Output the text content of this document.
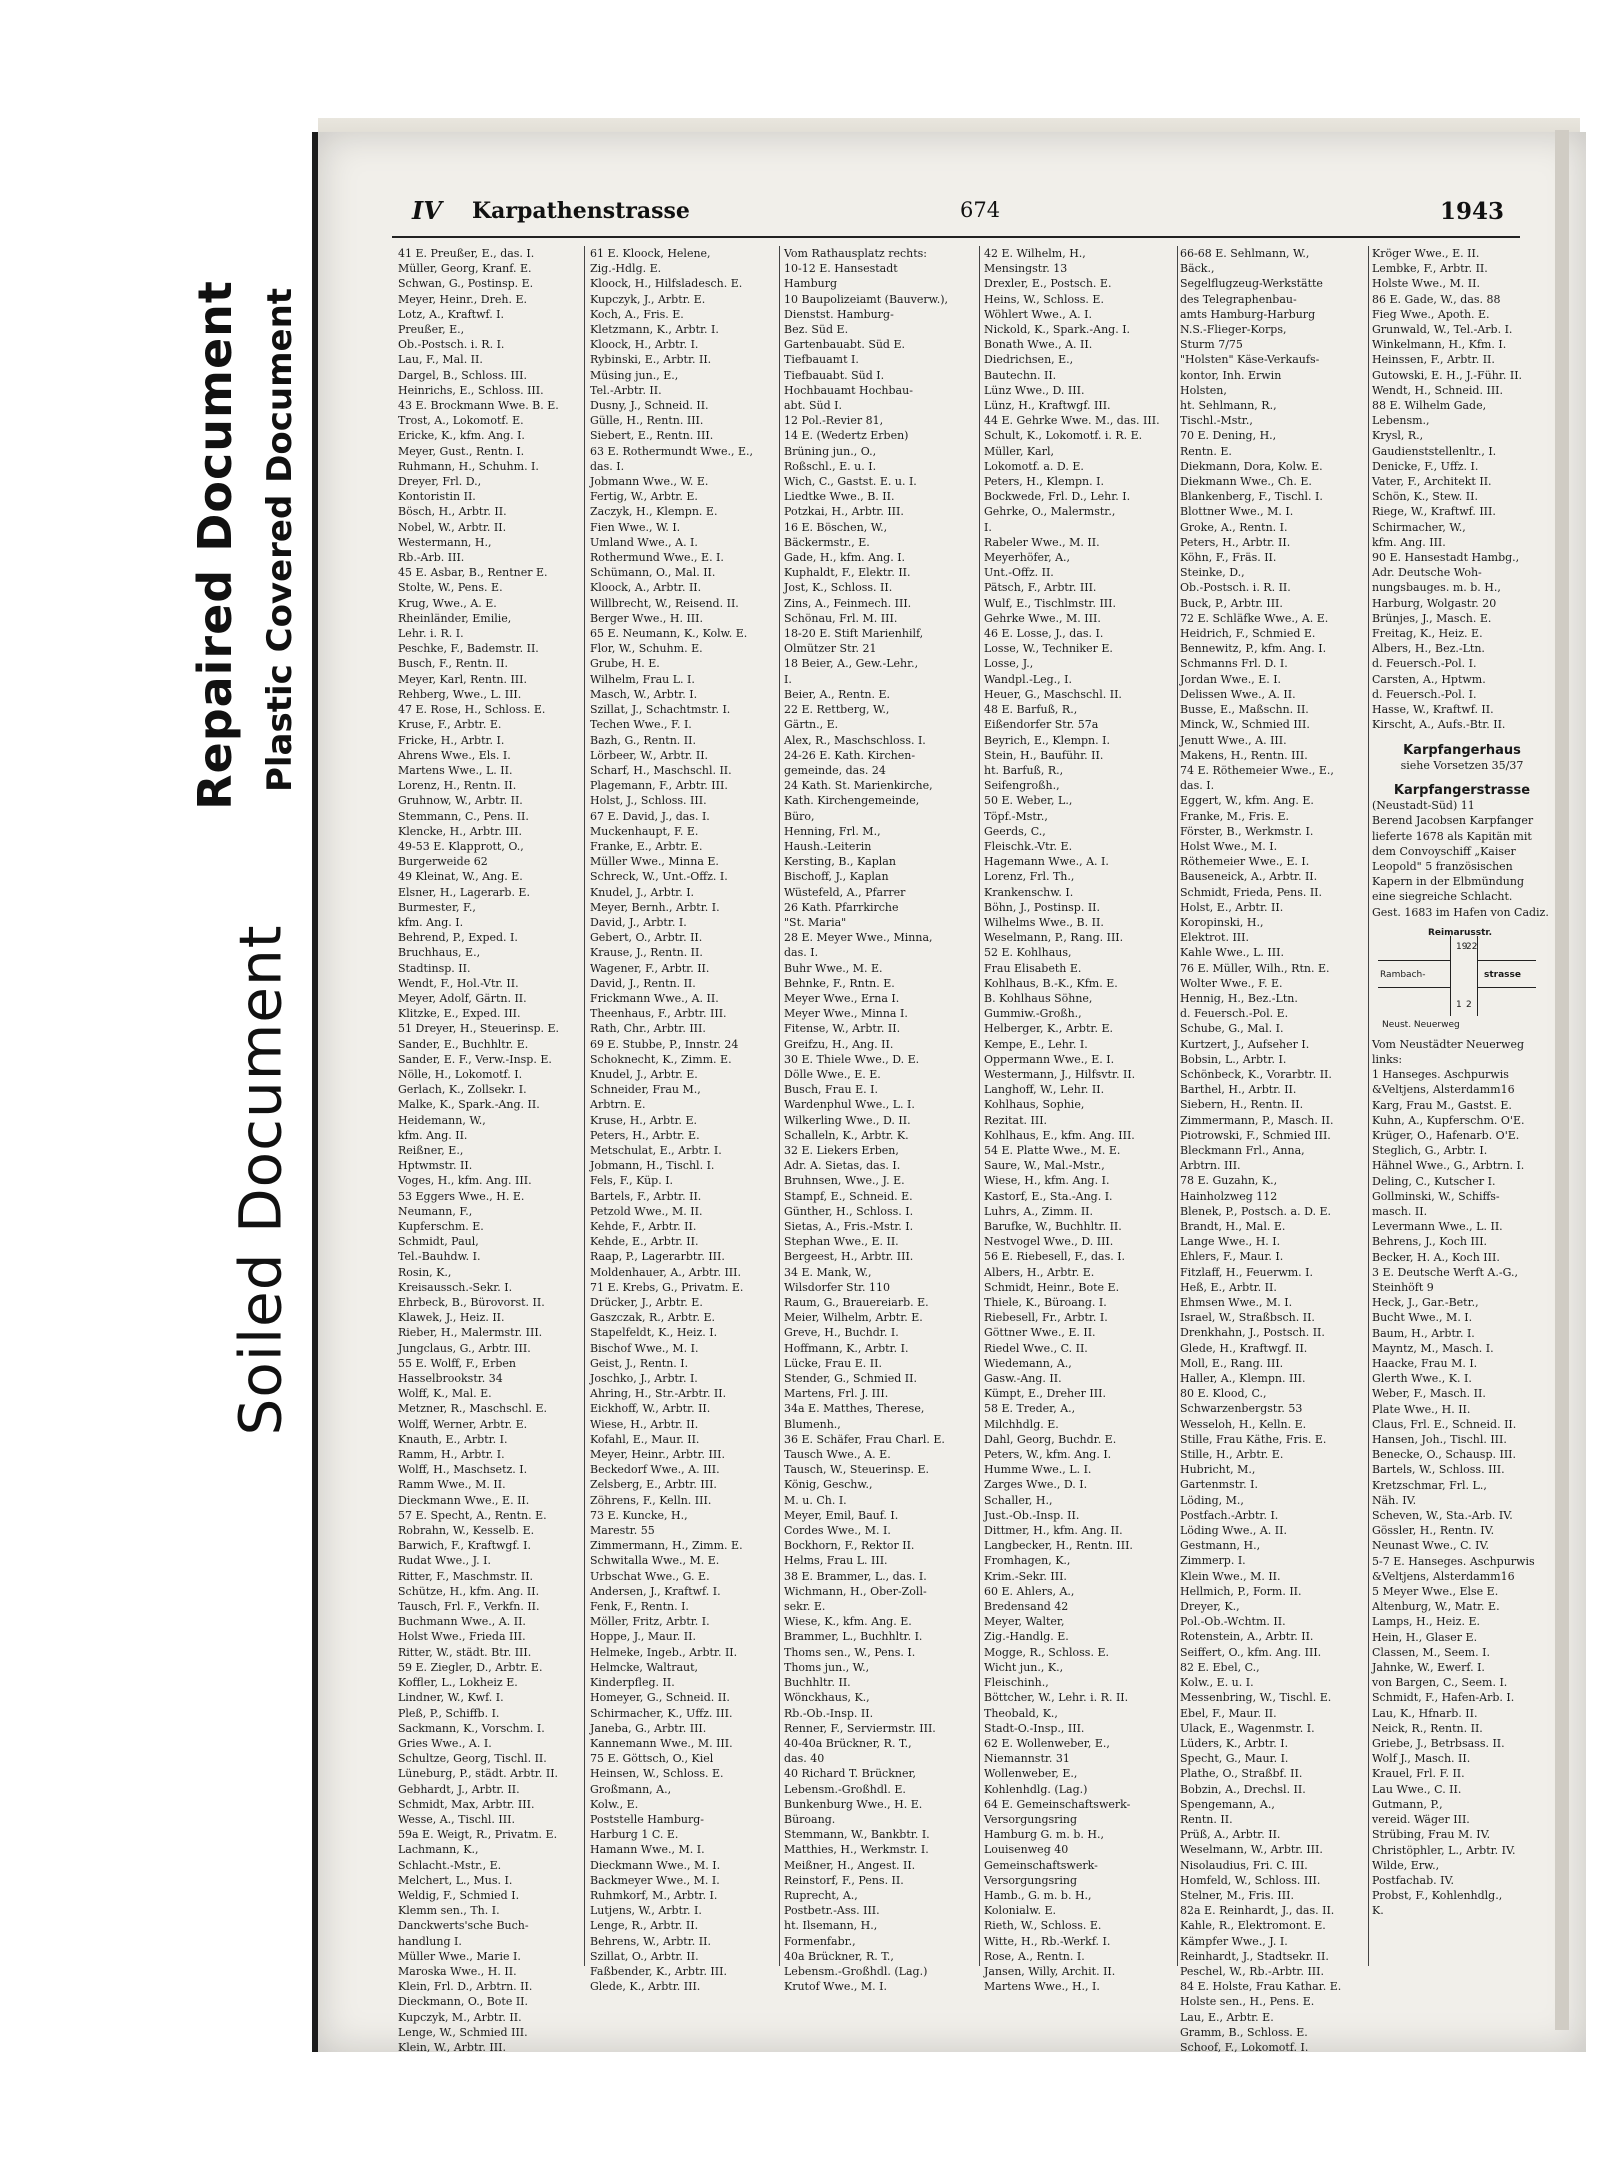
Repaired Document Plastic Covered Document
Soiled Document
IV Karpathenstrasse	674	1943
41 E. Preußer, E., das. I.
Müller, Georg, Kranf. E.
Schwan, G., Postinsp. E.
Meyer, Heinr., Dreh. E.
Lotz, A., Kraftwf. I.
Preußer, E.,
Ob.-Postsch. i. R. I.
Lau, F., Mal. II.
Dargel, B., Schloss. III.
Heinrichs, E., Schloss. III.
43 E. Brockmann Wwe. B. E.
Trost, A., Lokomotf. E.
Ericke, K., kfm. Ang. I.
Meyer, Gust., Rentn. I.
Ruhmann, H., Schuhm. I.
Dreyer, Frl. D.,
Kontoristin II.
Bösch, H., Arbtr. II.
Nobel, W., Arbtr. II.
Westermann, H.,
Rb.-Arb. III.
45 E. Asbar, B., Rentner E.
Stolte, W., Pens. E.
Krug, Wwe., A. E.
Rheinländer, Emilie,
Lehr. i. R. I.
Peschke, F., Bademstr. II.
Busch, F., Rentn. II.
Meyer, Karl, Rentn. III.
Rehberg, Wwe., L. III.
47 E. Rose, H., Schloss. E.
Kruse, F., Arbtr. E.
Fricke, H., Arbtr. I.
Ahrens Wwe., Els. I.
Martens Wwe., L. II.
Lorenz, H., Rentn. II.
Gruhnow, W., Arbtr. II.
Stemmann, C., Pens. II.
Klencke, H., Arbtr. III.
49-53 E. Klapprott, O.,
Burgerweide 62
49 Kleinat, W., Ang. E.
Elsner, H., Lagerarb. E.
Burmester, F.,
kfm. Ang. I.
Behrend, P., Exped. I.
Bruchhaus, E.,
Stadtinsp. II.
Wendt, F., Hol.-Vtr. II.
Meyer, Adolf, Gärtn. II.
Klitzke, E., Exped. III.
51 Dreyer, H., Steuerinsp. E.
Sander, E., Buchhltr. E.
Sander, E. F., Verw.-Insp. E.
Nölle, H., Lokomotf. I.
Gerlach, K., Zollsekr. I.
Malke, K., Spark.-Ang. II.
Heidemann, W.,
kfm. Ang. II.
Reißner, E.,
Hptwmstr. II.
Voges, H., kfm. Ang. III.
53 Eggers Wwe., H. E.
Neumann, F.,
Kupferschm. E.
Schmidt, Paul,
Tel.-Bauhdw. I.
Rosin, K.,
Kreisaussch.-Sekr. I.
Ehrbeck, B., Bürovorst. II.
Klawek, J., Heiz. II.
Rieber, H., Malermstr. III.
Jungclaus, G., Arbtr. III.
55 E. Wolff, F., Erben
Hasselbrookstr. 34
Wolff, K., Mal. E.
Metzner, R., Maschschl. E.
Wolff, Werner, Arbtr. E.
Knauth, E., Arbtr. I.
Ramm, H., Arbtr. I.
Wolff, H., Maschsetz. I.
Ramm Wwe., M. II.
Dieckmann Wwe., E. II.
57 E. Specht, A., Rentn. E.
Robrahn, W., Kesselb. E.
Barwich, F., Kraftwgf. I.
Rudat Wwe., J. I.
Ritter, F., Maschmstr. II.
Schütze, H., kfm. Ang. II.
Tausch, Frl. F., Verkfn. II.
Buchmann Wwe., A. II.
Holst Wwe., Frieda III.
Ritter, W., städt. Btr. III.
59 E. Ziegler, D., Arbtr. E.
Koffler, L., Lokheiz E.
Lindner, W., Kwf. I.
Pleß, P., Schiffb. I.
Sackmann, K., Vorschm. I.
Gries Wwe., A. I.
Schultze, Georg, Tischl. II.
Lüneburg, P., städt. Arbtr. II.
Gebhardt, J., Arbtr. II.
Schmidt, Max, Arbtr. III.
Wesse, A., Tischl. III.
59a E. Weigt, R., Privatm. E.
Lachmann, K.,
Schlacht.-Mstr., E.
Melchert, L., Mus. I.
Weldig, F., Schmied I.
Klemm sen., Th. I.
Danckwerts'sche Buch-
handlung I.
Müller Wwe., Marie I.
Maroska Wwe., H. II.
Klein, Frl. D., Arbtrn. II.
Dieckmann, O., Bote II.
Kupczyk, M., Arbtr. II.
Lenge, W., Schmied III.
Klein, W., Arbtr. III.
61 E. Kloock, Helene,
Zig.-Hdlg. E.
Kloock, H., Hilfsladesch. E.
Kupczyk, J., Arbtr. E.
Koch, A., Fris. E.
Kletzmann, K., Arbtr. I.
Kloock, H., Arbtr. I.
Rybinski, E., Arbtr. II.
Müsing jun., E.,
Tel.-Arbtr. II.
Dusny, J., Schneid. II.
Gülle, H., Rentn. III.
Siebert, E., Rentn. III.
63 E. Rothermundt Wwe., E.,
das. I.
Jobmann Wwe., W. E.
Fertig, W., Arbtr. E.
Zaczyk, H., Klempn. E.
Fien Wwe., W. I.
Umland Wwe., A. I.
Rothermund Wwe., E. I.
Schümann, O., Mal. II.
Kloock, A., Arbtr. II.
Willbrecht, W., Reisend. II.
Berger Wwe., H. III.
65 E. Neumann, K., Kolw. E.
Flor, W., Schuhm. E.
Grube, H. E.
Wilhelm, Frau L. I.
Masch, W., Arbtr. I.
Szillat, J., Schachtmstr. I.
Techen Wwe., F. I.
Bazh, G., Rentn. II.
Lörbeer, W., Arbtr. II.
Scharf, H., Maschschl. II.
Plagemann, F., Arbtr. III.
Holst, J., Schloss. III.
67 E. David, J., das. I.
Muckenhaupt, F. E.
Franke, E., Arbtr. E.
Müller Wwe., Minna E.
Schreck, W., Unt.-Offz. I.
Knudel, J., Arbtr. I.
Meyer, Bernh., Arbtr. I.
David, J., Arbtr. I.
Gebert, O., Arbtr. II.
Krause, J., Rentn. II.
Wagener, F., Arbtr. II.
David, J., Rentn. II.
Frickmann Wwe., A. II.
Theenhaus, F., Arbtr. III.
Rath, Chr., Arbtr. III.
69 E. Stubbe, P., Innstr. 24
Schoknecht, K., Zimm. E.
Knudel, J., Arbtr. E.
Schneider, Frau M.,
Arbtrn. E.
Kruse, H., Arbtr. E.
Peters, H., Arbtr. E.
Metschulat, E., Arbtr. I.
Jobmann, H., Tischl. I.
Fels, F., Küp. I.
Bartels, F., Arbtr. II.
Petzold Wwe., M. II.
Kehde, F., Arbtr. II.
Kehde, E., Arbtr. II.
Raap, P., Lagerarbtr. III.
Moldenhauer, A., Arbtr. III.
71 E. Krebs, G., Privatm. E.
Drücker, J., Arbtr. E.
Gaszczak, R., Arbtr. E.
Stapelfeldt, K., Heiz. I.
Bischof Wwe., M. I.
Geist, J., Rentn. I.
Joschko, J., Arbtr. I.
Ahring, H., Str.-Arbtr. II.
Eickhoff, W., Arbtr. II.
Wiese, H., Arbtr. II.
Kofahl, E., Maur. II.
Meyer, Heinr., Arbtr. III.
Beckedorf Wwe., A. III.
Zelsberg, E., Arbtr. III.
Zöhrens, F., Kelln. III.
73 E. Kuncke, H.,
Marestr. 55
Zimmermann, H., Zimm. E.
Schwitalla Wwe., M. E.
Urbschat Wwe., G. E.
Andersen, J., Kraftwf. I.
Fenk, F., Rentn. I.
Möller, Fritz, Arbtr. I.
Hoppe, J., Maur. II.
Helmeke, Ingeb., Arbtr. II.
Helmcke, Waltraut,
Kinderpfleg. II.
Homeyer, G., Schneid. II.
Schirmacher, K., Uffz. III.
Janeba, G., Arbtr. III.
Kannemann Wwe., M. III.
75 E. Göttsch, O., Kiel
Heinsen, W., Schloss. E.
Großmann, A.,
Kolw., E.
Poststelle Hamburg-
Harburg 1 C. E.
Hamann Wwe., M. I.
Dieckmann Wwe., M. I.
Backmeyer Wwe., M. I.
Ruhmkorf, M., Arbtr. I.
Lutjens, W., Arbtr. I.
Lenge, R., Arbtr. II.
Behrens, W., Arbtr. II.
Szillat, O., Arbtr. II.
Faßbender, K., Arbtr. III.
Glede, K., Arbtr. III.
Vom Rathausplatz rechts:
10-12 E. Hansestadt
Hamburg
10 Baupolizeiamt (Bauverw.),
Dienstst. Hamburg-
Bez. Süd E.
Gartenbauabt. Süd E.
Tiefbauamt I.
Tiefbauabt. Süd I.
Hochbauamt Hochbau-
abt. Süd I.
12 Pol.-Revier 81,
14 E. (Wedertz Erben)
Brüning jun., O.,
Roßschl., E. u. I.
Wich, C., Gastst. E. u. I.
Liedtke Wwe., B. II.
Potzkai, H., Arbtr. III.
16 E. Böschen, W.,
Bäckermstr., E.
Gade, H., kfm. Ang. I.
Kuphaldt, F., Elektr. II.
Jost, K., Schloss. II.
Zins, A., Feinmech. III.
Schönau, Frl. M. III.
18-20 E. Stift Marienhilf,
Olmützer Str. 21
18 Beier, A., Gew.-Lehr.,
I.
Beier, A., Rentn. E.
22 E. Rettberg, W.,
Gärtn., E.
Alex, R., Maschschloss. I.
24-26 E. Kath. Kirchen-
gemeinde, das. 24
24 Kath. St. Marienkirche,
Kath. Kirchengemeinde,
Büro,
Henning, Frl. M.,
Haush.-Leiterin
Kersting, B., Kaplan
Bischoff, J., Kaplan
Wüstefeld, A., Pfarrer
26 Kath. Pfarrkirche
"St. Maria"
28 E. Meyer Wwe., Minna,
das. I.
Buhr Wwe., M. E.
Behnke, F., Rntn. E.
Meyer Wwe., Erna I.
Meyer Wwe., Minna I.
Fitense, W., Arbtr. II.
Greifzu, H., Ang. II.
30 E. Thiele Wwe., D. E.
Dölle Wwe., E. E.
Busch, Frau E. I.
Wardenphul Wwe., L. I.
Wilkerling Wwe., D. II.
Schalleln, K., Arbtr. K.
32 E. Liekers Erben,
Adr. A. Sietas, das. I.
Bruhnsen, Wwe., J. E.
Stampf, E., Schneid. E.
Günther, H., Schloss. I.
Sietas, A., Fris.-Mstr. I.
Stephan Wwe., E. II.
Bergeest, H., Arbtr. III.
34 E. Mank, W.,
Wilsdorfer Str. 110
Raum, G., Brauereiarb. E.
Meier, Wilhelm, Arbtr. E.
Greve, H., Buchdr. I.
Hoffmann, K., Arbtr. I.
Lücke, Frau E. II.
Stender, G., Schmied II.
Martens, Frl. J. III.
34a E. Matthes, Therese,
Blumenh.,
36 E. Schäfer, Frau Charl. E.
Tausch Wwe., A. E.
Tausch, W., Steuerinsp. E.
König, Geschw.,
M. u. Ch. I.
Meyer, Emil, Bauf. I.
Cordes Wwe., M. I.
Bockhorn, F., Rektor II.
Helms, Frau L. III.
38 E. Brammer, L., das. I.
Wichmann, H., Ober-Zoll-
sekr. E.
Wiese, K., kfm. Ang. E.
Brammer, L., Buchhltr. I.
Thoms sen., W., Pens. I.
Thoms jun., W.,
Buchhltr. II.
Wönckhaus, K.,
Rb.-Ob.-Insp. II.
Renner, F., Serviermstr. III.
40-40a Brückner, R. T.,
das. 40
40 Richard T. Brückner,
Lebensm.-Großhdl. E.
Bunkenburg Wwe., H. E.
Büroang.
Stemmann, W., Bankbtr. I.
Matthies, H., Werkmstr. I.
Meißner, H., Angest. II.
Reinstorf, F., Pens. II.
Ruprecht, A.,
Postbetr.-Ass. III.
ht. Ilsemann, H.,
Formenfabr.,
40a Brückner, R. T.,
Lebensm.-Großhdl. (Lag.)
Krutof Wwe., M. I.
42 E. Wilhelm, H.,
Mensingstr. 13
Drexler, E., Postsch. E.
Heins, W., Schloss. E.
Wöhlert Wwe., A. I.
Nickold, K., Spark.-Ang. I.
Bonath Wwe., A. II.
Diedrichsen, E.,
Bautechn. II.
Lünz Wwe., D. III.
Lünz, H., Kraftwgf. III.
44 E. Gehrke Wwe. M., das. III.
Schult, K., Lokomotf. i. R. E.
Müller, Karl,
Lokomotf. a. D. E.
Peters, H., Klempn. I.
Bockwede, Frl. D., Lehr. I.
Gehrke, O., Malermstr.,
I.
Rabeler Wwe., M. II.
Meyerhöfer, A.,
Unt.-Offz. II.
Pätsch, F., Arbtr. III.
Wulf, E., Tischlmstr. III.
Gehrke Wwe., M. III.
46 E. Losse, J., das. I.
Losse, W., Techniker E.
Losse, J.,
Wandpl.-Leg., I.
Heuer, G., Maschschl. II.
48 E. Barfuß, R.,
Eißendorfer Str. 57a
Beyrich, E., Klempn. I.
Stein, H., Bauführ. II.
ht. Barfuß, R.,
Seifengroßh.,
50 E. Weber, L.,
Töpf.-Mstr.,
Geerds, C.,
Fleischk.-Vtr. E.
Hagemann Wwe., A. I.
Lorenz, Frl. Th.,
Krankenschw. I.
Böhn, J., Postinsp. II.
Wilhelms Wwe., B. II.
Weselmann, P., Rang. III.
52 E. Kohlhaus,
Frau Elisabeth E.
Kohlhaus, B.-K., Kfm. E.
B. Kohlhaus Söhne,
Gummiw.-Großh.,
Helberger, K., Arbtr. E.
Kempe, E., Lehr. I.
Oppermann Wwe., E. I.
Westermann, J., Hilfsvtr. II.
Langhoff, W., Lehr. II.
Kohlhaus, Sophie,
Rezitat. III.
Kohlhaus, E., kfm. Ang. III.
54 E. Platte Wwe., M. E.
Saure, W., Mal.-Mstr.,
Wiese, H., kfm. Ang. I.
Kastorf, E., Sta.-Ang. I.
Luhrs, A., Zimm. II.
Barufke, W., Buchhltr. II.
Nestvogel Wwe., D. III.
56 E. Riebesell, F., das. I.
Albers, H., Arbtr. E.
Schmidt, Heinr., Bote E.
Thiele, K., Büroang. I.
Riebesell, Fr., Arbtr. I.
Göttner Wwe., E. II.
Riedel Wwe., C. II.
Wiedemann, A.,
Gasw.-Ang. II.
Kümpt, E., Dreher III.
58 E. Treder, A.,
Milchhdlg. E.
Dahl, Georg, Buchdr. E.
Peters, W., kfm. Ang. I.
Humme Wwe., L. I.
Zarges Wwe., D. I.
Schaller, H.,
Just.-Ob.-Insp. II.
Dittmer, H., kfm. Ang. II.
Langbecker, H., Rentn. III.
Fromhagen, K.,
Krim.-Sekr. III.
60 E. Ahlers, A.,
Bredensand 42
Meyer, Walter,
Zig.-Handlg. E.
Mogge, R., Schloss. E.
Wicht jun., K.,
Fleischinh.,
Böttcher, W., Lehr. i. R. II.
Theobald, K.,
Stadt-O.-Insp., III.
62 E. Wollenweber, E.,
Niemannstr. 31
Wollenweber, E.,
Kohlenhdlg. (Lag.)
64 E. Gemeinschaftswerk-
Versorgungsring
Hamburg G. m. b. H.,
Louisenweg 40
Gemeinschaftswerk-
Versorgungsring
Hamb., G. m. b. H.,
Kolonialw. E.
Rieth, W., Schloss. E.
Witte, H., Rb.-Werkf. I.
Rose, A., Rentn. I.
Jansen, Willy, Archit. II.
Martens Wwe., H., I.
66-68 E. Sehlmann, W.,
Bäck.,
Segelflugzeug-Werkstätte
des Telegraphenbau-
amts Hamburg-Harburg
N.S.-Flieger-Korps,
Sturm 7/75
"Holsten" Käse-Verkaufs-
kontor, Inh. Erwin
Holsten,
ht. Sehlmann, R.,
Tischl.-Mstr.,
70 E. Dening, H.,
Rentn. E.
Diekmann, Dora, Kolw. E.
Diekmann Wwe., Ch. E.
Blankenberg, F., Tischl. I.
Blottner Wwe., M. I.
Groke, A., Rentn. I.
Peters, H., Arbtr. II.
Köhn, F., Fräs. II.
Steinke, D.,
Ob.-Postsch. i. R. II.
Buck, P., Arbtr. III.
72 E. Schläfke Wwe., A. E.
Heidrich, F., Schmied E.
Bennewitz, P., kfm. Ang. I.
Schmanns Frl. D. I.
Jordan Wwe., E. I.
Delissen Wwe., A. II.
Busse, E., Maßschn. II.
Minck, W., Schmied III.
Jenutt Wwe., A. III.
Makens, H., Rentn. III.
74 E. Röthemeier Wwe., E.,
das. I.
Eggert, W., kfm. Ang. E.
Franke, M., Fris. E.
Förster, B., Werkmstr. I.
Holst Wwe., M. I.
Röthemeier Wwe., E. I.
Bauseneick, A., Arbtr. II.
Schmidt, Frieda, Pens. II.
Holst, E., Arbtr. II.
Koropinski, H.,
Elektrot. III.
Kahle Wwe., L. III.
76 E. Müller, Wilh., Rtn. E.
Wolter Wwe., F. E.
Hennig, H., Bez.-Ltn.
d. Feuersch.-Pol. E.
Schube, G., Mal. I.
Kurtzert, J., Aufseher I.
Bobsin, L., Arbtr. I.
Schönbeck, K., Vorarbtr. II.
Barthel, H., Arbtr. II.
Siebern, H., Rentn. II.
Zimmermann, P., Masch. II.
Piotrowski, F., Schmied III.
Bleckmann Frl., Anna,
Arbtrn. III.
78 E. Guzahn, K.,
Hainholzweg 112
Blenek, P., Postsch. a. D. E.
Brandt, H., Mal. E.
Lange Wwe., H. I.
Ehlers, F., Maur. I.
Fitzlaff, H., Feuerwm. I.
Heß, E., Arbtr. II.
Ehmsen Wwe., M. I.
Israel, W., Straßbsch. II.
Drenkhahn, J., Postsch. II.
Glede, H., Kraftwgf. II.
Moll, E., Rang. III.
Haller, A., Klempn. III.
80 E. Klood, C.,
Schwarzenbergstr. 53
Wesseloh, H., Kelln. E.
Stille, Frau Käthe, Fris. E.
Stille, H., Arbtr. E.
Hubricht, M.,
Gartenmstr. I.
Löding, M.,
Postfach.-Arbtr. I.
Löding Wwe., A. II.
Gestmann, H.,
Zimmerp. I.
Klein Wwe., M. II.
Hellmich, P., Form. II.
Dreyer, K.,
Pol.-Ob.-Wchtm. II.
Rotenstein, A., Arbtr. II.
Seiffert, O., kfm. Ang. III.
82 E. Ebel, C.,
Kolw., E. u. I.
Messenbring, W., Tischl. E.
Ebel, F., Maur. II.
Ulack, E., Wagenmstr. I.
Lüders, K., Arbtr. I.
Specht, G., Maur. I.
Plathe, O., Straßbf. II.
Bobzin, A., Drechsl. II.
Spengemann, A.,
Rentn. II.
Prüß, A., Arbtr. II.
Weselmann, W., Arbtr. III.
Nisolaudius, Fri. C. III.
Homfeld, W., Schloss. III.
Stelner, M., Fris. III.
82a E. Reinhardt, J., das. II.
Kahle, R., Elektromont. E.
Kämpfer Wwe., J. I.
Reinhardt, J., Stadtsekr. II.
Peschel, W., Rb.-Arbtr. III.
84 E. Holste, Frau Kathar. E.
Holste sen., H., Pens. E.
Lau, E., Arbtr. E.
Gramm, B., Schloss. E.
Schoof, F., Lokomotf. I.
Kröger Wwe., E. II.
Lembke, F., Arbtr. II.
Holste Wwe., M. II.
86 E. Gade, W., das. 88
Fieg Wwe., Apoth. E.
Grunwald, W., Tel.-Arb. I.
Winkelmann, H., Kfm. I.
Heinssen, F., Arbtr. II.
Gutowski, E. H., J.-Führ. II.
Wendt, H., Schneid. III.
88 E. Wilhelm Gade,
Lebensm.,
Krysl, R.,
Gaudienststellenltr., I.
Denicke, F., Uffz. I.
Vater, F., Architekt II.
Schön, K., Stew. II.
Riege, W., Kraftwf. III.
Schirmacher, W.,
kfm. Ang. III.
90 E. Hansestadt Hambg.,
Adr. Deutsche Woh-
nungsbauges. m. b. H.,
Harburg, Wolgastr. 20
Brünjes, J., Masch. E.
Freitag, K., Heiz. E.
Albers, H., Bez.-Ltn.
d. Feuersch.-Pol. I.
Carsten, A., Hptwm.
d. Feuersch.-Pol. I.
Hasse, W., Kraftwf. II.
Kirscht, A., Aufs.-Btr. II.
Karpfangerhaus
siehe Vorsetzen 35/37
Karpfangerstrasse
(Neustadt-Süd) 11
Berend Jacobsen Karpfanger
lieferte 1678 als Kapitän mit
dem Convoyschiff „Kaiser
Leopold" 5 französischen
Kapern in der Elbmündung
eine siegreiche Schlacht.
Gest. 1683 im Hafen von Cadiz.
Reimarusstr.
Rambach-	strasse
Neust. Neuerweg
19
22
1 2
Vom Neustädter Neuerweg
links:
1 Hanseges. Aschpurwis
&Veltjens, Alsterdamm16
Karg, Frau M., Gastst. E.
Kuhn, A., Kupferschm. O'E.
Krüger, O., Hafenarb. O'E.
Steglich, G., Arbtr. I.
Hähnel Wwe., G., Arbtrn. I.
Deling, C., Kutscher I.
Gollminski, W., Schiffs-
masch. II.
Levermann Wwe., L. II.
Behrens, J., Koch III.
Becker, H. A., Koch III.
3 E. Deutsche Werft A.-G.,
Steinhöft 9
Heck, J., Gar.-Betr.,
Bucht Wwe., M. I.
Baum, H., Arbtr. I.
Mayntz, M., Masch. I.
Haacke, Frau M. I.
Glerth Wwe., K. I.
Weber, F., Masch. II.
Plate Wwe., H. II.
Claus, Frl. E., Schneid. II.
Hansen, Joh., Tischl. III.
Benecke, O., Schausp. III.
Bartels, W., Schloss. III.
Kretzschmar, Frl. L.,
Näh. IV.
Scheven, W., Sta.-Arb. IV.
Gössler, H., Rentn. IV.
Neunast Wwe., C. IV.
5-7 E. Hanseges. Aschpurwis
&Veltjens, Alsterdamm16
5 Meyer Wwe., Else E.
Altenburg, W., Matr. E.
Lamps, H., Heiz. E.
Hein, H., Glaser E.
Classen, M., Seem. I.
Jahnke, W., Ewerf. I.
von Bargen, C., Seem. I.
Schmidt, F., Hafen-Arb. I.
Lau, K., Hfnarb. II.
Neick, R., Rentn. II.
Griebe, J., Betrbsass. II.
Wolf J., Masch. II.
Krauel, Frl. F. II.
Lau Wwe., C. II.
Gutmann, P.,
vereid. Wäger III.
Strübing, Frau M. IV.
Christöphler, L., Arbtr. IV.
Wilde, Erw.,
Postfachab. IV.
Probst, F., Kohlenhdlg.,
K.
